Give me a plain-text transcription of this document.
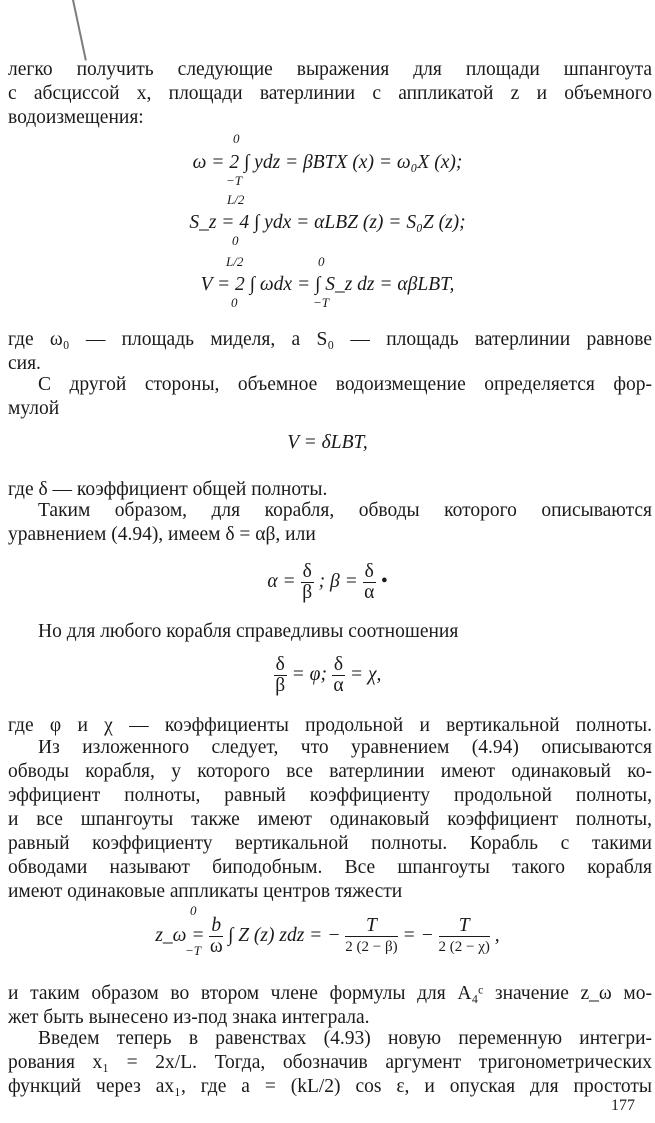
легко получить следующие выражения для площади шпангоута
с абсциссой x, площади ватерлинии с аппликатой z и объемного
водоизмещения:
0
ω = 2 ∫ ydz = βBTX (x) = ω₀X (x);
−T
L/2
S_z = 4 ∫ ydx = αLBZ (z) = S₀Z (z);
0
L/2	0
V = 2 ∫ ωdx = ∫ S_z dz = αβLBT,
0	−T
где ω₀ — площадь миделя, а S₀ — площадь ватерлинии равнове
сия.
С другой стороны, объемное водоизмещение определяется фор-
мулой
V = δLBT,
где δ — коэффициент общей полноты.
Таким образом, для корабля, обводы которого описываются
уравнением (4.94), имеем δ = αβ, или
$\alpha = \frac{\delta}{\beta}$ ; $\beta = \frac{\delta}{\alpha}$ •
Но для любого корабля справедливы соотношения
$\frac{\delta}{\beta} = \varphi$; $\frac{\delta}{\alpha} = \chi$,
где φ и χ — коэффициенты продольной и вертикальной полноты.
Из изложенного следует, что уравнением (4.94) описываются
обводы корабля, у которого все ватерлинии имеют одинаковый ко-
эффициент полноты, равный коэффициенту продольной полноты,
и все шпангоуты также имеют одинаковый коэффициент полноты,
равный коэффициенту вертикальной полноты. Корабль с такими
обводами называют биподобным. Все шпангоуты такого корабля
имеют одинаковые аппликаты центров тяжести
0
z_ω = $\frac{b}{\omega}$ ∫ Z (z) zdz = − $\frac{T}{2 (2 - \beta)}$ = − $\frac{T}{2 (2 - \chi)}$ ,
−T
и таким образом во втором члене формулы для A₄ᶜ значение z_ω мо-
жет быть вынесено из-под знака интеграла.
Введем теперь в равенствах (4.93) новую переменную интегри-
рования x₁ = 2x/L. Тогда, обозначив аргумент тригонометрических
функций через ax₁, где a = (kL/2) cos ε, и опуская для простоты
177
